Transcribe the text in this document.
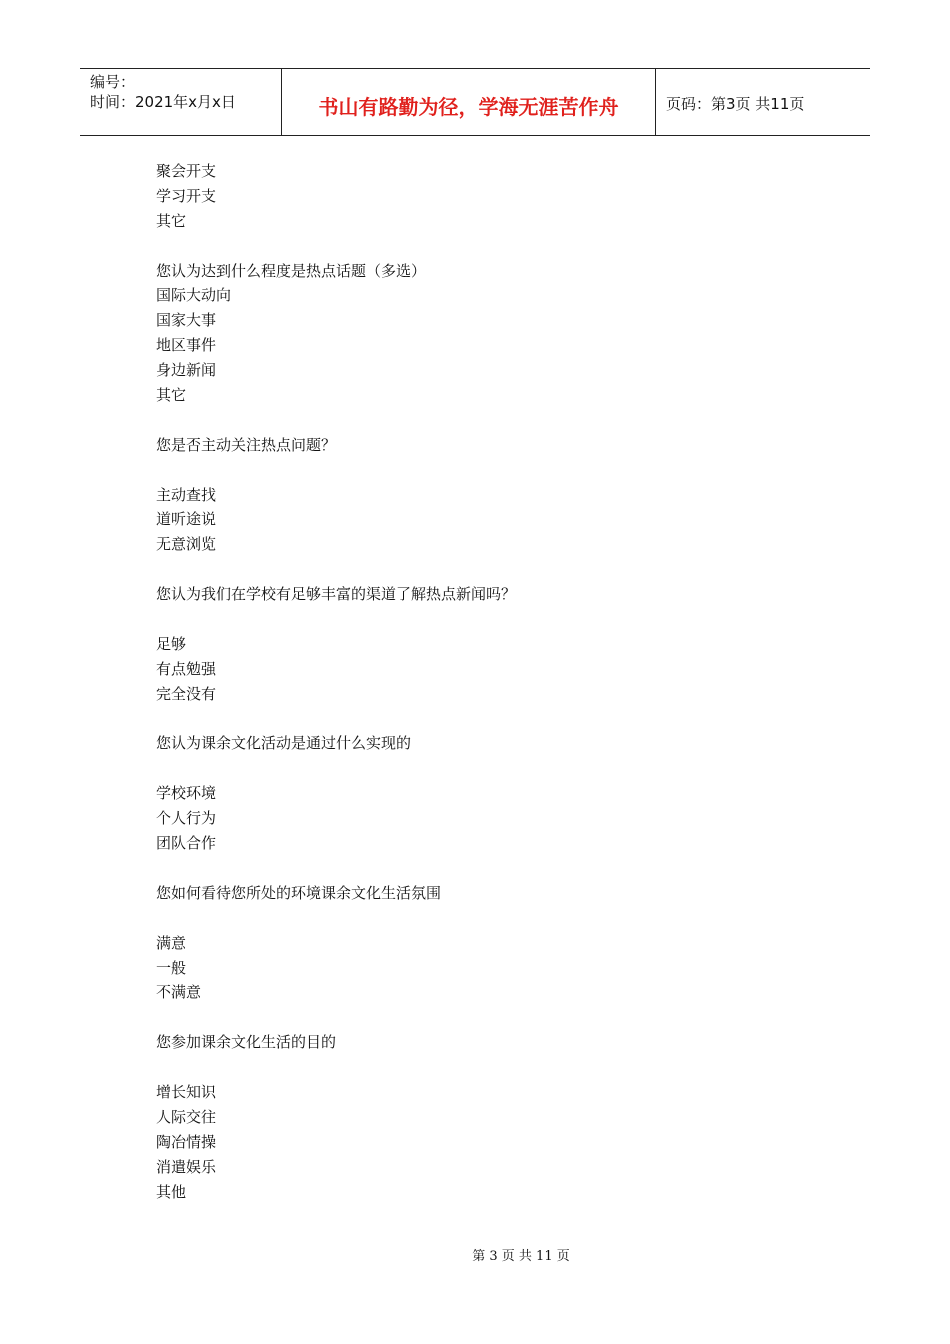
编号：
时间：2021年x月x日	书山有路勤为径，学海无涯苦作舟	页码：第3页 共11页
聚会开支
学习开支
其它
您认为达到什么程度是热点话题（多选）
国际大动向
国家大事
地区事件
身边新闻
其它
您是否主动关注热点问题？
主动查找
道听途说
无意浏览
您认为我们在学校有足够丰富的渠道了解热点新闻吗？
足够
有点勉强
完全没有
您认为课余文化活动是通过什么实现的
学校环境
个人行为
团队合作
您如何看待您所处的环境课余文化生活氛围
满意
一般
不满意
您参加课余文化生活的目的
增长知识
人际交往
陶冶情操
消遣娱乐
其他
第 3 页 共 11 页
